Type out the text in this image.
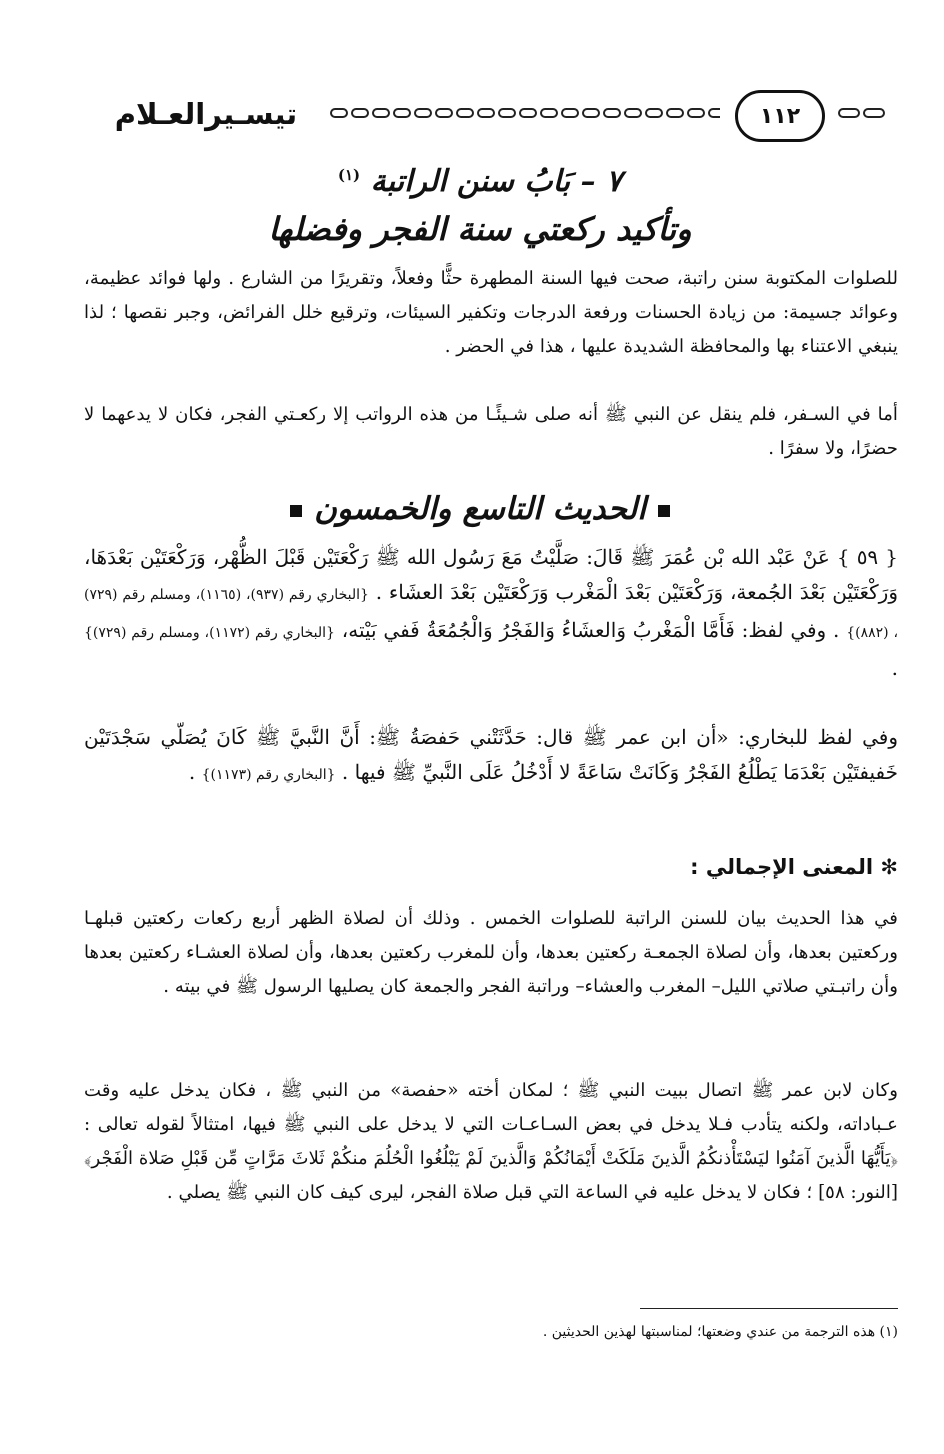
تيسـيرالعـلام	١١٢
٧ – بَابُ سنن الراتبة $^{(١)}$
وتأكيد ركعتي سنة الفجر وفضلها
للصلوات المكتوبة سنن راتبة، صحت فيها السنة المطهرة حثًّا وفعلاً، وتقريرًا من الشارع . ولها فوائد عظيمة، وعوائد جسيمة: من زيادة الحسنات ورفعة الدرجات وتكفير السيئات، وترقيع خلل الفرائض، وجبر نقصها ؛ لذا ينبغي الاعتناء بها والمحافظة الشديدة عليها ، هذا في الحضر .
أما في السـفر، فلم ينقل عن النبي ﷺ أنه صلى شـيئًـا من هذه الرواتب إلا ركعـتي الفجر، فكان لا يدعهما لا حضرًا، ولا سفرًا .
الحديث التاسع والخمسون
{ ٥٩ } عَنْ عَبْد الله بْن عُمَرَ ﷺ قَالَ: صَلَّيْتُ مَعَ رَسُول الله ﷺ رَكْعَتَيْن قَبْلَ الظُّهْر، وَرَكْعَتَيْن بَعْدَهَا، وَرَكْعَتَيْن بَعْدَ الجُمعة، وَرَكْعَتَيْن بَعْدَ الْمَغْرب وَرَكْعَتَيْن بَعْدَ العشَاء . {البخاري رقم (٩٣٧)، (١١٦٥)، ومسلم رقم (٧٢٩) ، (٨٨٢)} . وفي لفظ: فَأَمَّا الْمَغْربُ وَالعشَاءُ وَالفَجْرُ وَالْجُمُعَةُ فَفي بَيْته، {البخاري رقم (١١٧٢)، ومسلم رقم (٧٢٩)} .
وفي لفظ للبخاري: «أن ابن عمر ﷺ قال: حَدَّثَتْني حَفصَةُ ﷺ: أَنَّ النَّبيَّ ﷺ كَانَ يُصَلّي سَجْدَتَيْن خَفيفتَيْن بَعْدَمَا يَطْلُعُ الفَجْرُ وَكَانَتْ سَاعَةً لا أَدْخُلُ عَلَى النَّبيِّ ﷺ فيها . {البخاري رقم (١١٧٣)} .
✻ المعنى الإجمالي :
في هذا الحديث بيان للسنن الراتبة للصلوات الخمس . وذلك أن لصلاة الظهر أربع ركعات ركعتين قبلهـا وركعتين بعدها، وأن لصلاة الجمعـة ركعتين بعدها، وأن للمغرب ركعتين بعدها، وأن لصلاة العشـاء ركعتين بعدها وأن راتبـتي صلاتي الليل– المغرب والعشاء– وراتبة الفجر والجمعة كان يصليها الرسول ﷺ في بيته .
وكان لابن عمر ﷺ اتصال ببيت النبي ﷺ ؛ لمكان أخته «حفصة» من النبي ﷺ ، فكان يدخل عليه وقت عـباداته، ولكنه يتأدب فـلا يدخل في بعض السـاعـات التي لا يدخل على النبي ﷺ فيها، امتثالاً لقوله تعالى : ﴿يَأَيُّهَا الَّذينَ آمَنُوا ليَسْتَأْذنكُمُ الَّذينَ مَلَكَتْ أَيْمَانُكُمْ وَالَّذينَ لَمْ يَبْلُغُوا الْحُلُمَ منكُمْ ثَلاثَ مَرَّاتٍ مِّن قَبْلِ صَلاة الْفَجْر﴾ [النور: ٥٨] ؛ فكان لا يدخل عليه في الساعة التي قبل صلاة الفجر، ليرى كيف كان النبي ﷺ يصلي .
(١) هذه الترجمة من عندي وضعتها؛ لمناسبتها لهذين الحديثين .
